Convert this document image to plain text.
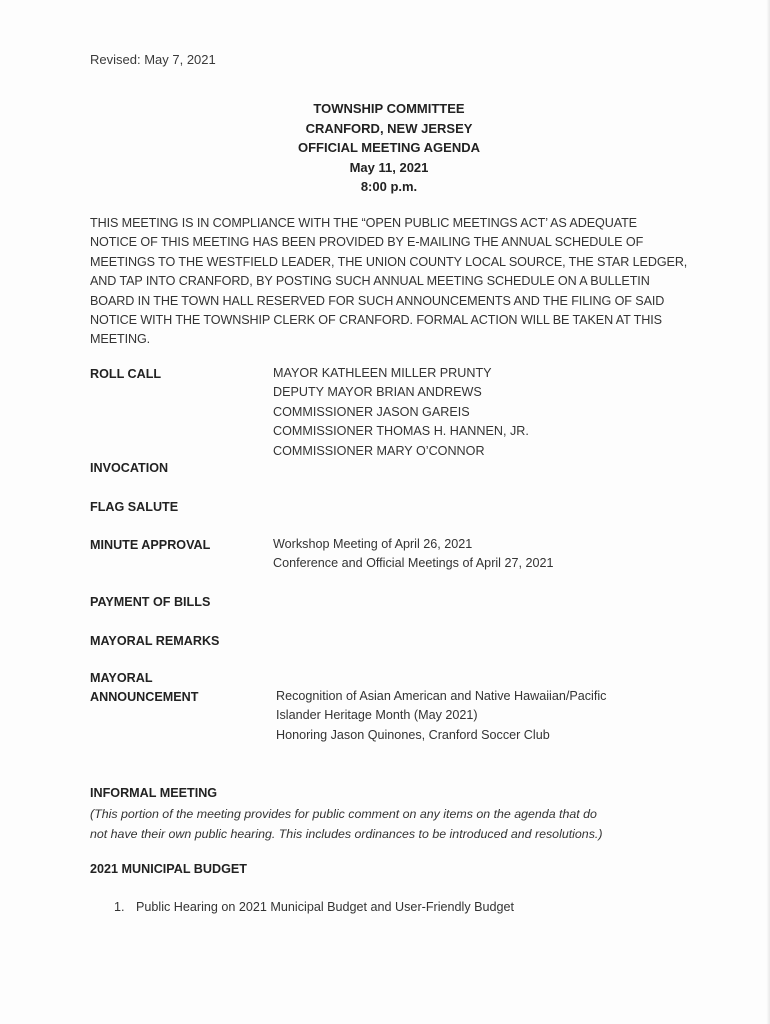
Revised: May 7, 2021
TOWNSHIP COMMITTEE
CRANFORD, NEW JERSEY
OFFICIAL MEETING AGENDA
May 11, 2021
8:00 p.m.
THIS MEETING IS IN COMPLIANCE WITH THE “OPEN PUBLIC MEETINGS ACT’ AS ADEQUATE
NOTICE OF THIS MEETING HAS BEEN PROVIDED BY E-MAILING THE ANNUAL SCHEDULE OF
MEETINGS TO THE WESTFIELD LEADER, THE UNION COUNTY LOCAL SOURCE, THE STAR LEDGER,
AND TAP INTO CRANFORD, BY POSTING SUCH ANNUAL MEETING SCHEDULE ON A BULLETIN
BOARD IN THE TOWN HALL RESERVED FOR SUCH ANNOUNCEMENTS AND THE FILING OF SAID
NOTICE WITH THE TOWNSHIP CLERK OF CRANFORD. FORMAL ACTION WILL BE TAKEN AT THIS
MEETING.
ROLL CALL	MAYOR KATHLEEN MILLER PRUNTY
DEPUTY MAYOR BRIAN ANDREWS
COMMISSIONER JASON GAREIS
COMMISSIONER THOMAS H. HANNEN, JR.
COMMISSIONER MARY O’CONNOR
INVOCATION
FLAG SALUTE
MINUTE APPROVAL	Workshop Meeting of April 26, 2021
Conference and Official Meetings of April 27, 2021
PAYMENT OF BILLS
MAYORAL REMARKS
MAYORAL
ANNOUNCEMENT	Recognition of Asian American and Native Hawaiian/Pacific
Islander Heritage Month (May 2021)
Honoring Jason Quinones, Cranford Soccer Club
INFORMAL MEETING
(This portion of the meeting provides for public comment on any items on the agenda that do
not have their own public hearing. This includes ordinances to be introduced and resolutions.)
2021 MUNICIPAL BUDGET
1. Public Hearing on 2021 Municipal Budget and User-Friendly Budget
